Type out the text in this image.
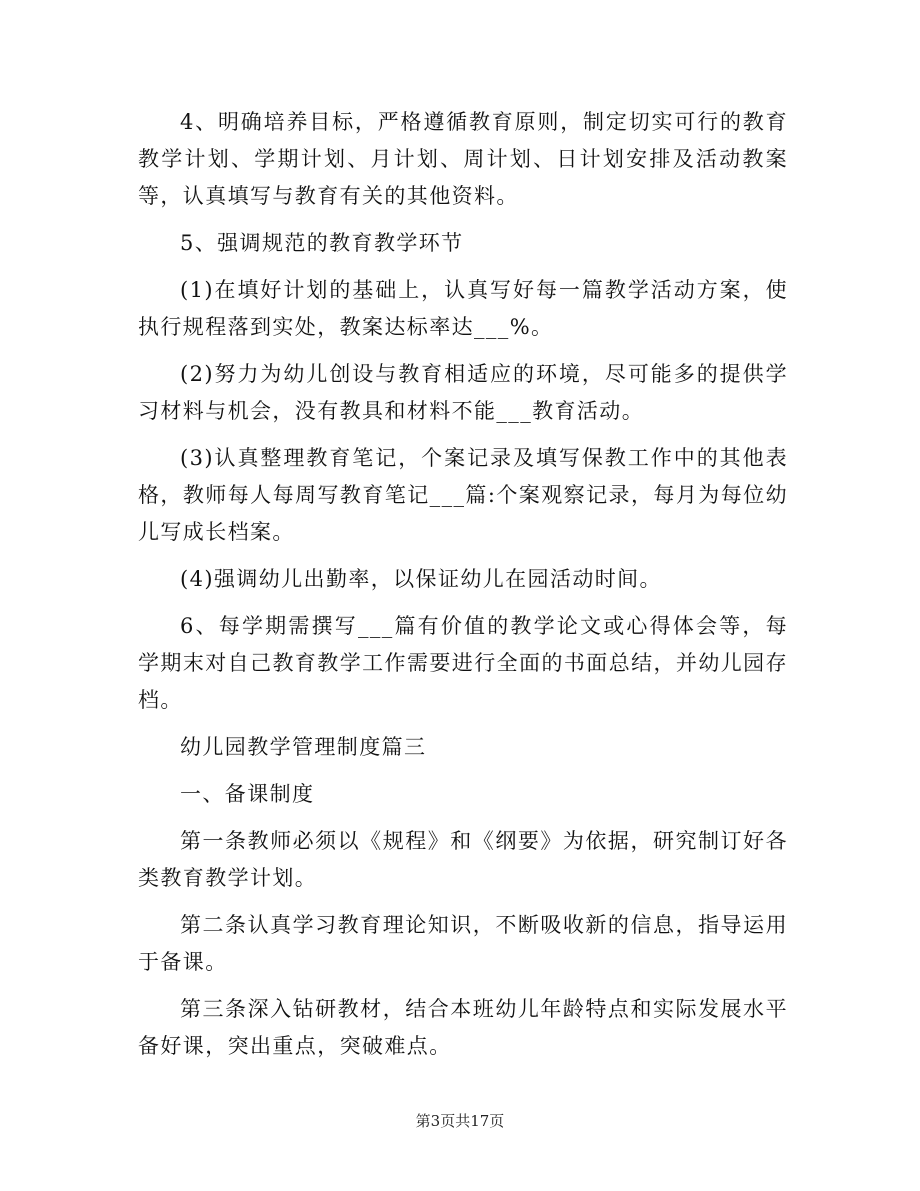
4、明确培养目标，严格遵循教育原则，制定切实可行的教育教学计划、学期计划、月计划、周计划、日计划安排及活动教案等，认真填写与教育有关的其他资料。

5、强调规范的教育教学环节

(1)在填好计划的基础上，认真写好每一篇教学活动方案，使执行规程落到实处，教案达标率达___%。

(2)努力为幼儿创设与教育相适应的环境，尽可能多的提供学习材料与机会，没有教具和材料不能___教育活动。

(3)认真整理教育笔记，个案记录及填写保教工作中的其他表格，教师每人每周写教育笔记___篇:个案观察记录，每月为每位幼儿写成长档案。

(4)强调幼儿出勤率，以保证幼儿在园活动时间。

6、每学期需撰写___篇有价值的教学论文或心得体会等，每学期末对自己教育教学工作需要进行全面的书面总结，并幼儿园存档。

幼儿园教学管理制度篇三

一、备课制度

第一条教师必须以《规程》和《纲要》为依据，研究制订好各类教育教学计划。

第二条认真学习教育理论知识，不断吸收新的信息，指导运用于备课。

第三条深入钻研教材，结合本班幼儿年龄特点和实际发展水平备好课，突出重点，突破难点。

第3页共17页
